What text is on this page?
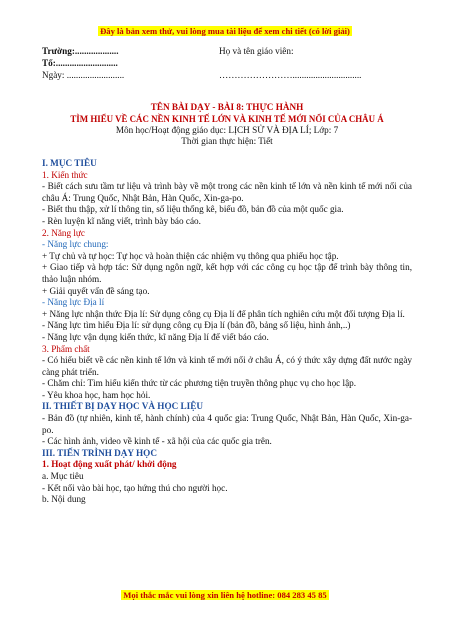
Đây là bản xem thử, vui lòng mua tài liệu để xem chi tiết (có lời giải)
Trường:...................	Họ và tên giáo viên:
Tổ:...........................
Ngày: .........................	……………………..............................

TÊN BÀI DẠY - BÀI 8: THỰC HÀNH

TÌM HIỂU VỀ CÁC NỀN KINH TẾ LỚN VÀ KINH TẾ MỚI NỔI CỦA CHÂU Á

Môn học/Hoạt động giáo dục: LỊCH SỬ VÀ ĐỊA LÍ; Lớp: 7

Thời gian thực hiện: Tiết

I. MỤC TIÊU

1. Kiến thức

- Biết cách sưu tầm tư liệu và trình bày về một trong các nền kinh tế lớn và nền kinh tế mới nổi của châu Á: Trung Quốc, Nhật Bản, Hàn Quốc, Xin-ga-po.

- Biết thu thập, xử lí thông tin, số liệu thống kê, biểu đồ, bản đồ của một quốc gia.

- Rèn luyện kĩ năng viết, trình bày báo cáo.

2. Năng lực

- Năng lực chung:

+ Tự chủ và tự học: Tự học và hoàn thiện các nhiệm vụ thông qua phiếu học tập.

+ Giao tiếp và hợp tác: Sử dụng ngôn ngữ, kết hợp với các công cụ học tập để trình bày thông tin, thảo luận nhóm.

+ Giải quyết vấn đề sáng tạo.

- Năng lực Địa lí

+ Năng lực nhận thức Địa lí: Sử dụng công cụ Địa lí để phân tích nghiên cứu một đối tượng Địa lí.

- Năng lực tìm hiểu Địa lí: sử dụng công cụ Địa lí (bản đồ, bảng số liệu, hình ảnh,..)

- Năng lực vận dụng kiến thức, kĩ năng Địa lí để viết báo cáo.

3. Phẩm chất

- Có hiểu biết về các nền kinh tế lớn và kinh tế mới nổi ở châu Á, có ý thức xây dựng đất nước ngày càng phát triển.

- Chăm chỉ: Tìm hiểu kiến thức từ các phương tiện truyền thông phục vụ cho học lập.

- Yêu khoa học, ham học hỏi.

II. THIẾT BỊ DẠY HỌC VÀ HỌC LIỆU

- Bản đồ (tự nhiên, kinh tế, hành chính) của 4 quốc gia: Trung Quốc, Nhật Bản, Hàn Quốc, Xin-ga-po.

- Các hình ảnh, video về kinh tế - xã hội của các quốc gia trên.

III. TIẾN TRÌNH DẠY HỌC

1. Hoạt động xuất phát/ khởi động

a. Mục tiêu

- Kết nối vào bài học, tạo hứng thú cho người học.

b. Nội dung

Mọi thắc mắc vui lòng xin liên hệ hotline: 084 283 45 85
